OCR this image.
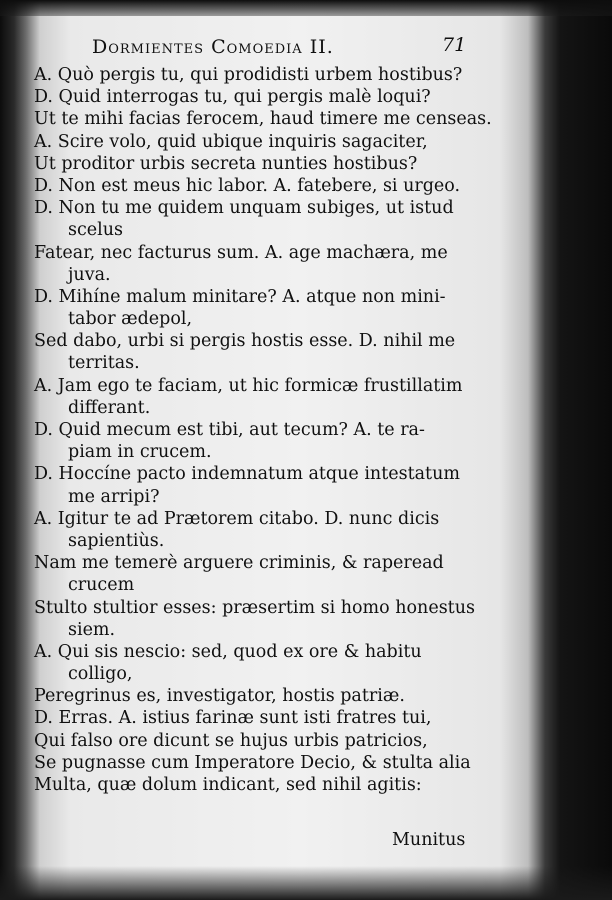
Dormientes Comoedia II.	71
A. Quò pergis tu, qui prodidisti urbem hostibus?
D. Quid interrogas tu, qui pergis malè loqui?
Ut te mihi facias ferocem, haud timere me censeas.
A. Scire volo, quid ubique inquiris sagaciter,
Ut proditor urbis secreta nunties hostibus?
D. Non est meus hic labor. A. fatebere, si urgeo.
D. Non tu me quidem unquam subiges, ut istud
scelus
Fatear, nec facturus sum. A. age machæra, me
juva.
D. Mihíne malum minitare? A. atque non mini-
tabor ædepol,
Sed dabo, urbi si pergis hostis esse. D. nihil me
territas.
A. Jam ego te faciam, ut hic formicæ frustillatim
differant.
D. Quid mecum est tibi, aut tecum? A. te ra-
piam in crucem.
D. Hoccíne pacto indemnatum atque intestatum
me arripi?
A. Igitur te ad Prætorem citabo. D. nunc dicis
sapientiùs.
Nam me temerè arguere criminis, & raperead
crucem
Stulto stultior esses: præsertim si homo honestus
siem.
A. Qui sis nescio: sed, quod ex ore & habitu
colligo,
Peregrinus es, investigator, hostis patriæ.
D. Erras. A. istius farinæ sunt isti fratres tui,
Qui falso ore dicunt se hujus urbis patricios,
Se pugnasse cum Imperatore Decio, & stulta alia
Multa, quæ dolum indicant, sed nihil agitis:
Munitus
